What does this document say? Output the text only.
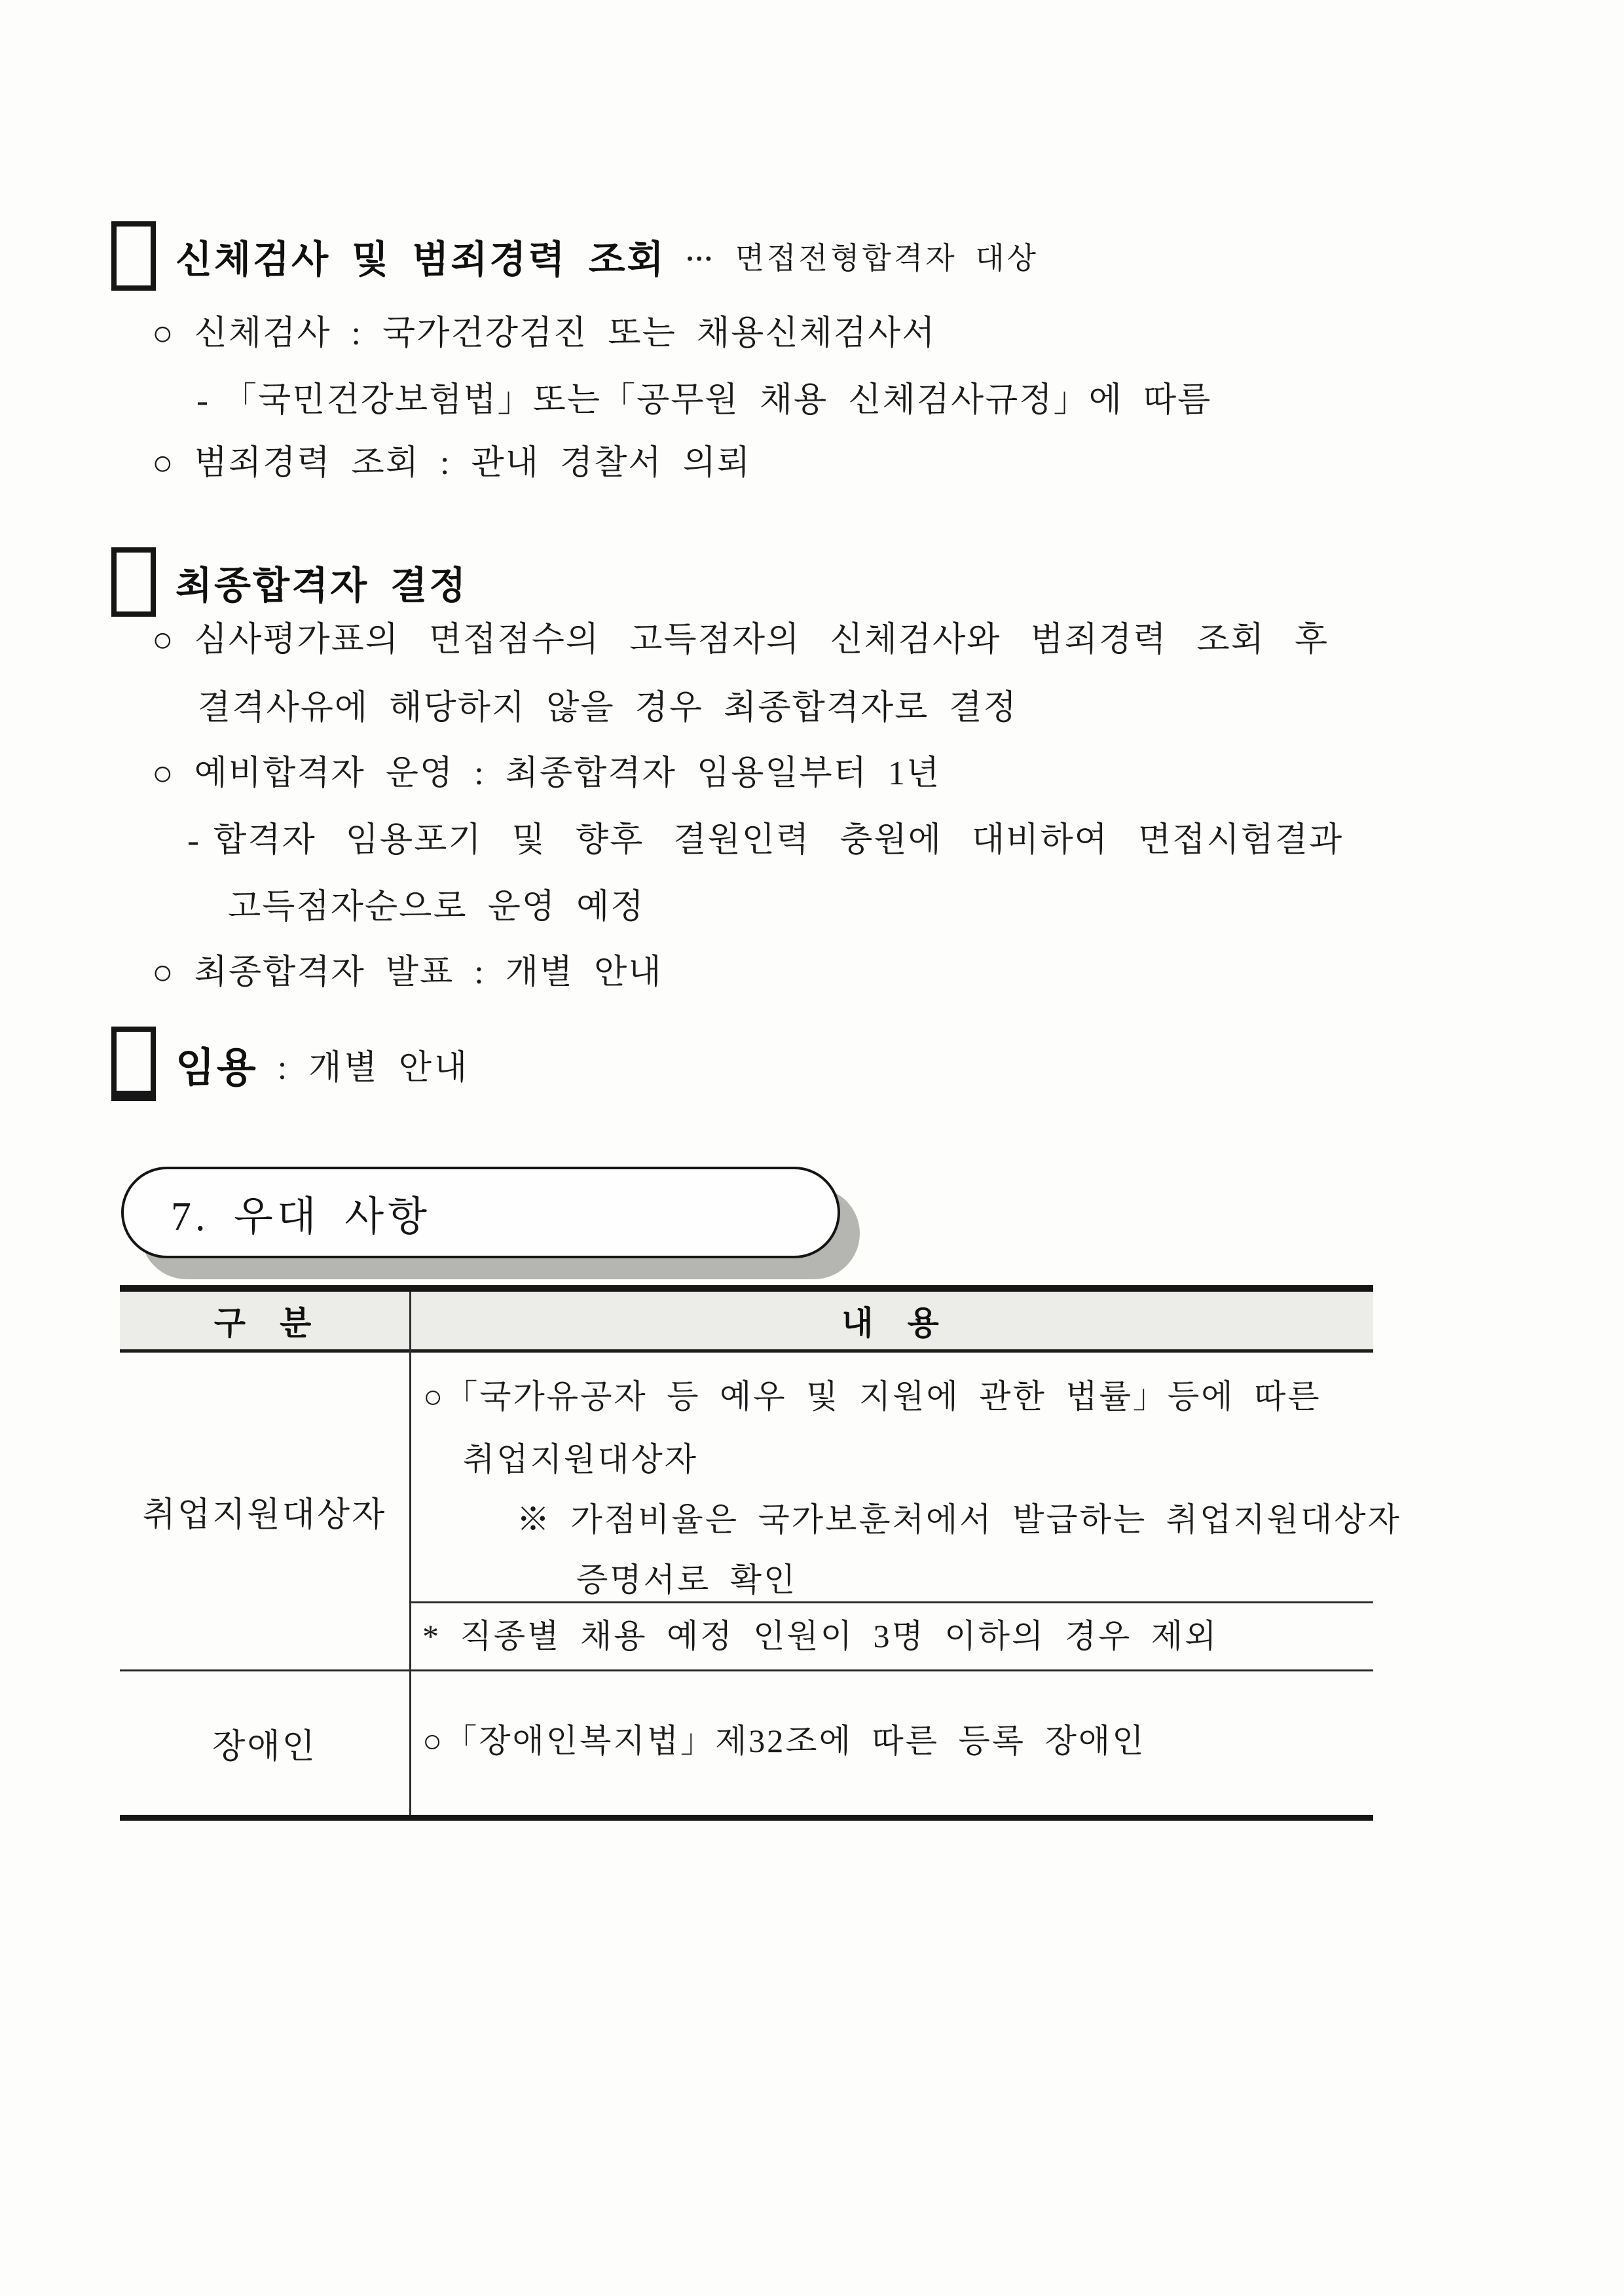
신체검사 및 범죄경력 조회 … 면접전형합격자 대상
○ 신체검사 : 국가건강검진 또는 채용신체검사서
- 「국민건강보험법」또는「공무원 채용 신체검사규정」에 따름
○ 범죄경력 조회 : 관내 경찰서 의뢰
최종합격자 결정
○ 심사평가표의 면접점수의 고득점자의 신체검사와 범죄경력 조회 후
결격사유에 해당하지 않을 경우 최종합격자로 결정
○ 예비합격자 운영 : 최종합격자 임용일부터 1년
- 합격자 임용포기 및 향후 결원인력 충원에 대비하여 면접시험결과
고득점자순으로 운영 예정
○ 최종합격자 발표 : 개별 안내
임용 : 개별 안내
7. 우대 사항
구 분	내 용
취업지원대상자
장애인
○「국가유공자 등 예우 및 지원에 관한 법률」등에 따른
취업지원대상자
※ 가점비율은 국가보훈처에서 발급하는 취업지원대상자
증명서로 확인
* 직종별 채용 예정 인원이 3명 이하의 경우 제외
○「장애인복지법」제32조에 따른 등록 장애인
